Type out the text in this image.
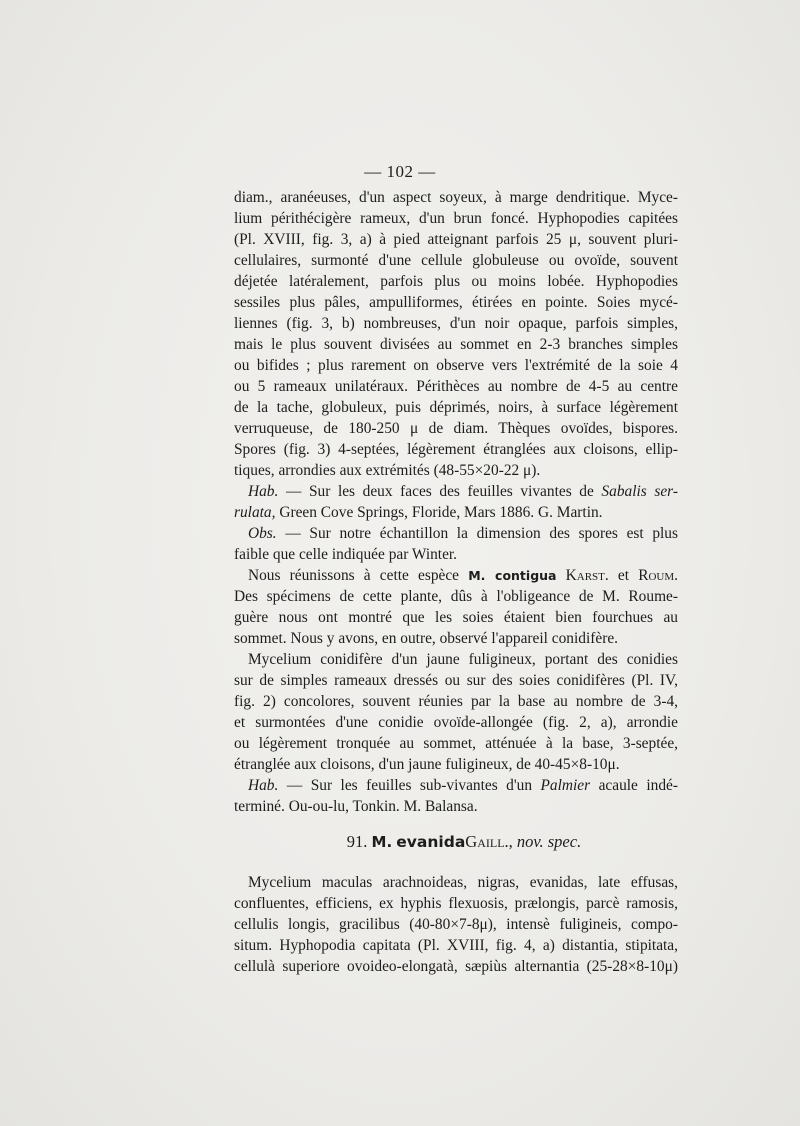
— 102 —
diam., aranéeuses, d'un aspect soyeux, à marge dendritique. Myce-
lium périthécigère rameux, d'un brun foncé. Hyphopodies capitées
(Pl. XVIII, fig. 3, a) à pied atteignant parfois 25 μ, souvent pluri-
cellulaires, surmonté d'une cellule globuleuse ou ovoïde, souvent
déjetée latéralement, parfois plus ou moins lobée. Hyphopodies
sessiles plus pâles, ampulliformes, étirées en pointe. Soies mycé-
liennes (fig. 3, b) nombreuses, d'un noir opaque, parfois simples,
mais le plus souvent divisées au sommet en 2-3 branches simples
ou bifides ; plus rarement on observe vers l'extrémité de la soie 4
ou 5 rameaux unilatéraux. Périthèces au nombre de 4-5 au centre
de la tache, globuleux, puis déprimés, noirs, à surface légèrement
verruqueuse, de 180-250 μ de diam. Thèques ovoïdes, bispores.
Spores (fig. 3) 4-septées, légèrement étranglées aux cloisons, ellip-
tiques, arrondies aux extrémités (48-55×20-22 μ).
Hab. — Sur les deux faces des feuilles vivantes de Sabalis ser-
rulata, Green Cove Springs, Floride, Mars 1886. G. Martin.
Obs. — Sur notre échantillon la dimension des spores est plus
faible que celle indiquée par Winter.
Nous réunissons à cette espèce M. contigua Karst. et Roum.
Des spécimens de cette plante, dûs à l'obligeance de M. Roume-
guère nous ont montré que les soies étaient bien fourchues au
sommet. Nous y avons, en outre, observé l'appareil conidifère.
Mycelium conidifère d'un jaune fuligineux, portant des conidies
sur de simples rameaux dressés ou sur des soies conidifères (Pl. IV,
fig. 2) concolores, souvent réunies par la base au nombre de 3-4,
et surmontées d'une conidie ovoïde-allongée (fig. 2, a), arrondie
ou légèrement tronquée au sommet, atténuée à la base, 3-septée,
étranglée aux cloisons, d'un jaune fuligineux, de 40-45×8-10μ.
Hab. — Sur les feuilles sub-vivantes d'un Palmier acaule indé-
terminé. Ou-ou-lu, Tonkin. M. Balansa.
91. M. evanidaGaill., nov. spec.
Mycelium maculas arachnoideas, nigras, evanidas, late effusas,
confluentes, efficiens, ex hyphis flexuosis, prælongis, parcè ramosis,
cellulis longis, gracilibus (40-80×7-8μ), intensè fuligineis, compo-
situm. Hyphopodia capitata (Pl. XVIII, fig. 4, a) distantia, stipitata,
cellulà superiore ovoideo-elongatà, sæpiùs alternantia (25-28×8-10μ)
